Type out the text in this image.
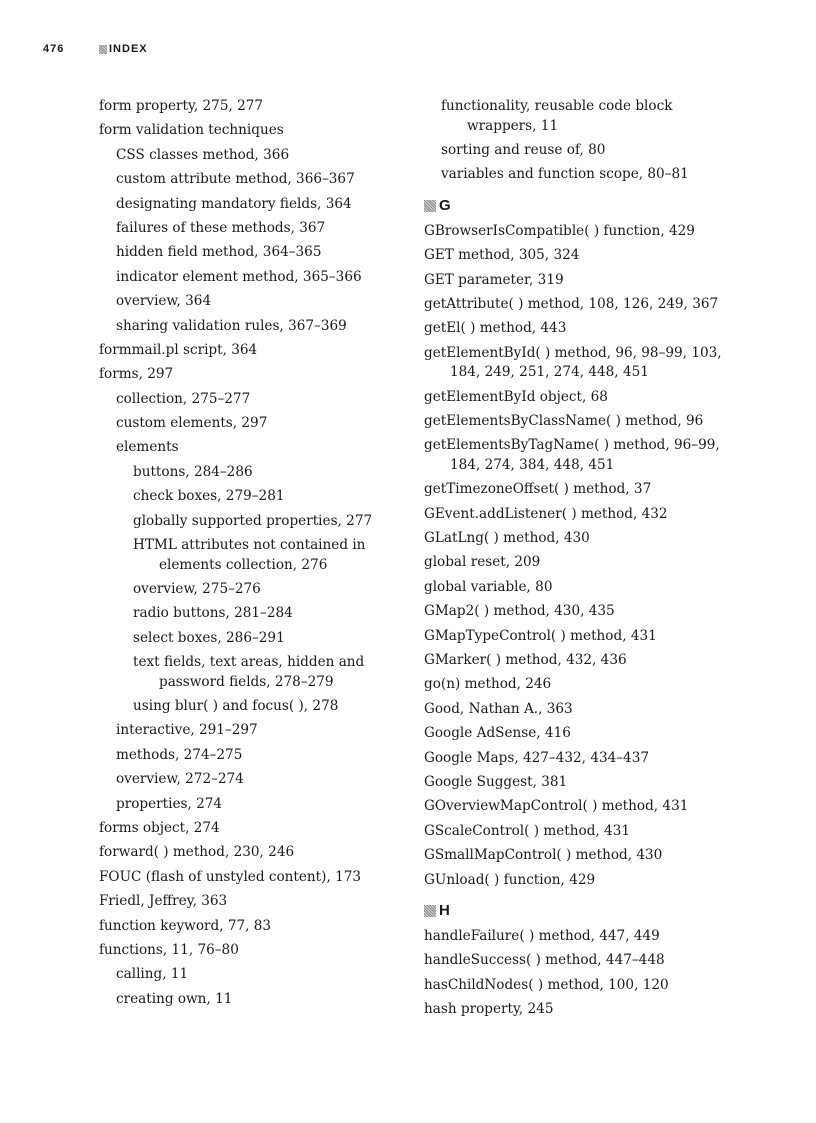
476	INDEX
form property, 275, 277
form validation techniques
CSS classes method, 366
custom attribute method, 366–367
designating mandatory fields, 364
failures of these methods, 367
hidden field method, 364–365
indicator element method, 365–366
overview, 364
sharing validation rules, 367–369
formmail.pl script, 364
forms, 297
collection, 275–277
custom elements, 297
elements
buttons, 284–286
check boxes, 279–281
globally supported properties, 277
HTML attributes not contained in elements collection, 276
overview, 275–276
radio buttons, 281–284
select boxes, 286–291
text fields, text areas, hidden and password fields, 278–279
using blur( ) and focus( ), 278
interactive, 291–297
methods, 274–275
overview, 272–274
properties, 274
forms object, 274
forward( ) method, 230, 246
FOUC (flash of unstyled content), 173
Friedl, Jeffrey, 363
function keyword, 77, 83
functions, 11, 76–80
calling, 11
creating own, 11
functionality, reusable code block wrappers, 11
sorting and reuse of, 80
variables and function scope, 80–81
G
GBrowserIsCompatible( ) function, 429
GET method, 305, 324
GET parameter, 319
getAttribute( ) method, 108, 126, 249, 367
getEl( ) method, 443
getElementById( ) method, 96, 98–99, 103, 184, 249, 251, 274, 448, 451
getElementById object, 68
getElementsByClassName( ) method, 96
getElementsByTagName( ) method, 96–99, 184, 274, 384, 448, 451
getTimezoneOffset( ) method, 37
GEvent.addListener( ) method, 432
GLatLng( ) method, 430
global reset, 209
global variable, 80
GMap2( ) method, 430, 435
GMapTypeControl( ) method, 431
GMarker( ) method, 432, 436
go(n) method, 246
Good, Nathan A., 363
Google AdSense, 416
Google Maps, 427–432, 434–437
Google Suggest, 381
GOverviewMapControl( ) method, 431
GScaleControl( ) method, 431
GSmallMapControl( ) method, 430
GUnload( ) function, 429
H
handleFailure( ) method, 447, 449
handleSuccess( ) method, 447–448
hasChildNodes( ) method, 100, 120
hash property, 245
